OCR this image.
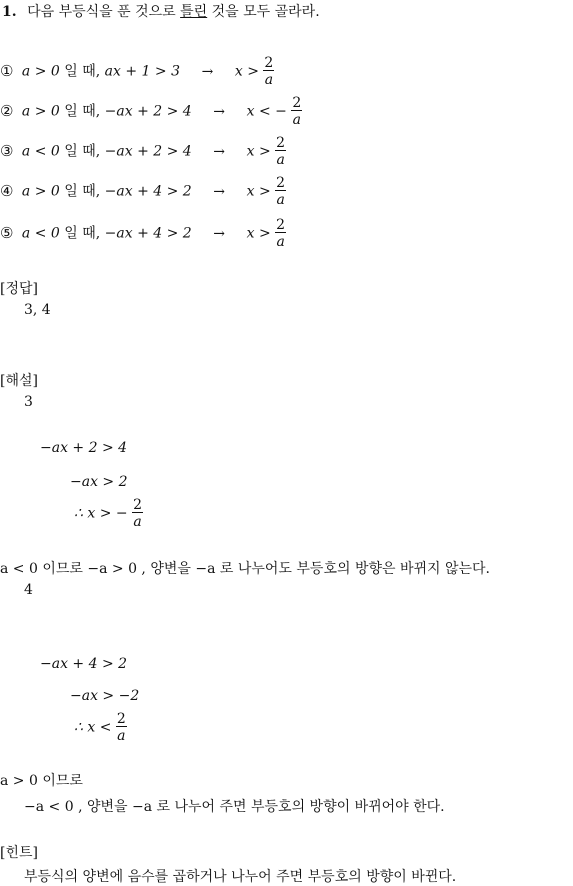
1. 다음 부등식을 푼 것으로 틀린 것을 모두 골라라.
① a > 0 일 때, ax + $1 > 3 \to x > \frac{2}{a}$
② a > 0 일 때, −ax + 2 > 4 → x < − $\frac{2}{a}$
③ a < 0 일 때, $-ax + 2 > 4 \to x > \frac{2}{a}$
④ a > 0 일 때, $-ax + 4 > 2 \to x > \frac{2}{a}$
⑤ a < 0 일 때, $-ax + 4 > 2 \to x > \frac{2}{a}$
[정답]
3, 4
[해설]
3
−ax + 2 > 4
−ax > 2
∴ x > − $\frac{2}{a}$
a < 0 이므로 −a > 0 , 양변을 −a 로 나누어도 부등호의 방향은 바뀌지 않는다.
4
−ax + 4 > 2
−ax > −2
∴ $x < \frac{2}{a}$
a > 0 이므로
−a < 0 , 양변을 −a 로 나누어 주면 부등호의 방향이 바뀌어야 한다.
[힌트]
부등식의 양변에 음수를 곱하거나 나누어 주면 부등호의 방향이 바뀐다.
